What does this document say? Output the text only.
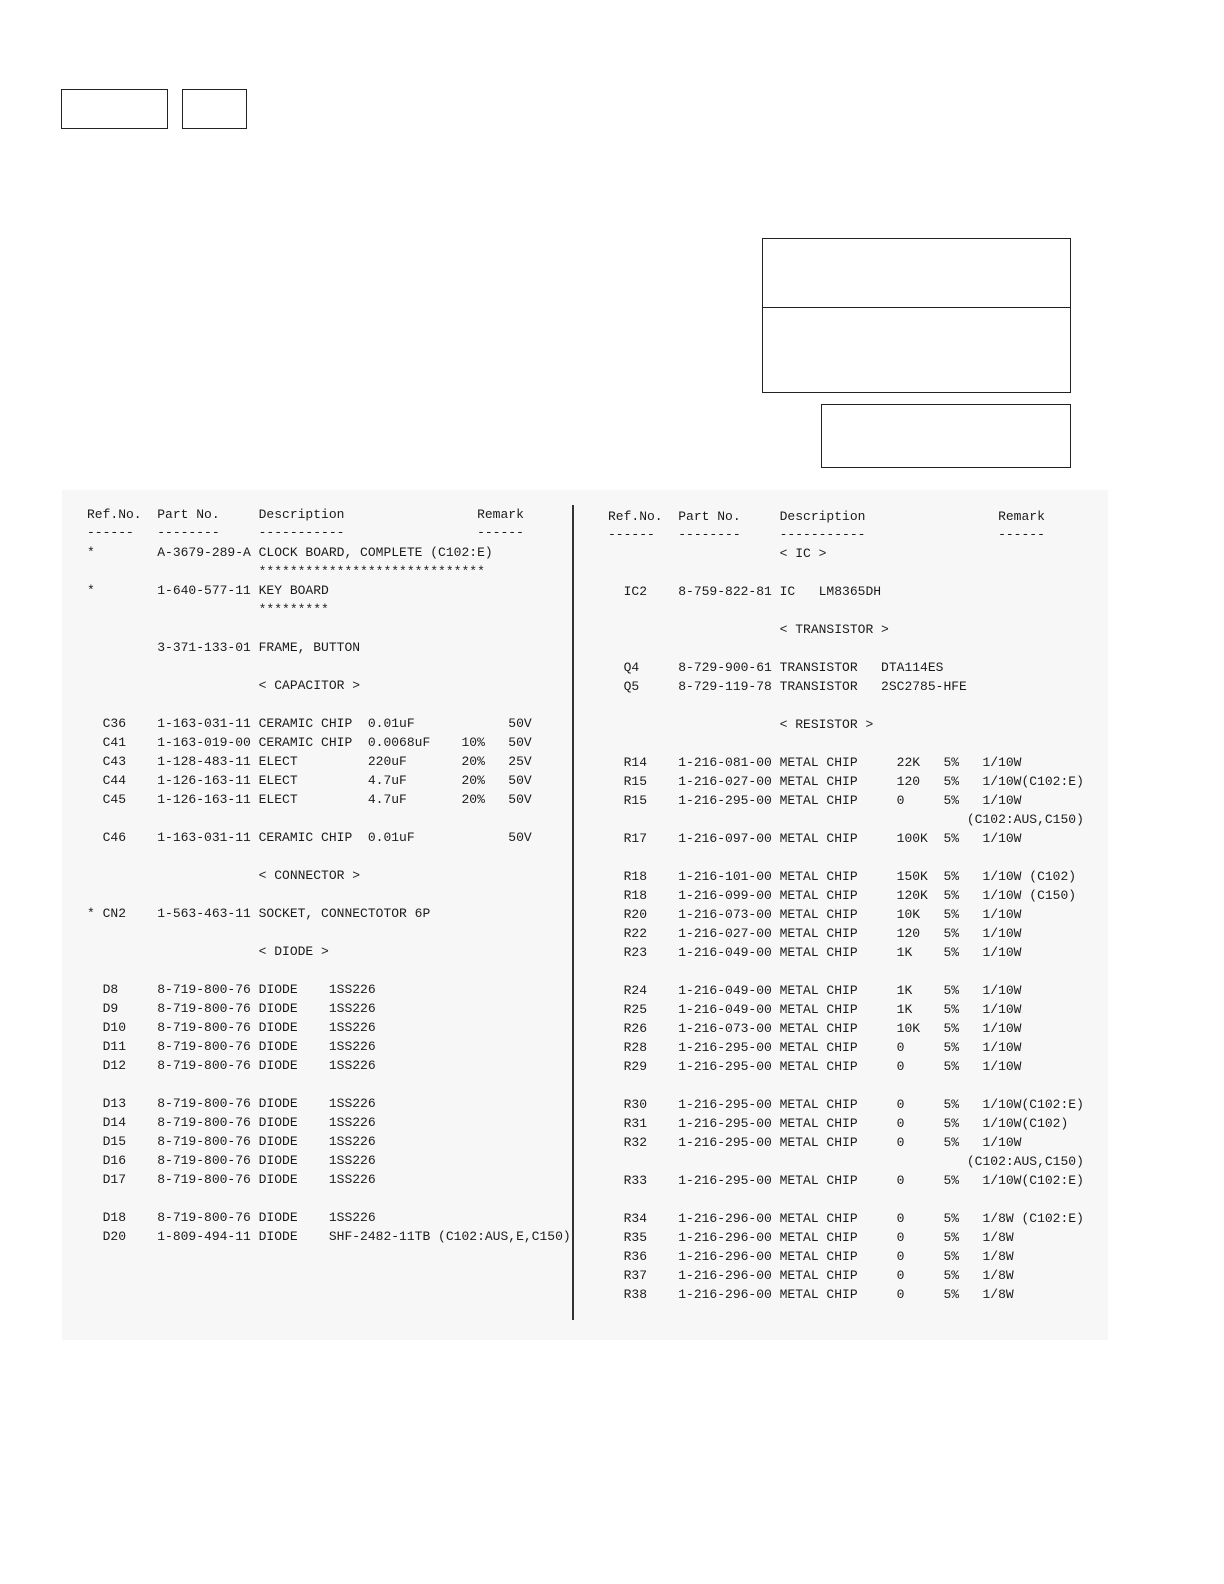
Ref.No.  Part No.     Description                 Remark
------   --------     -----------                 ------
*        A-3679-289-A CLOCK BOARD, COMPLETE (C102:E)
*****************************
*        1-640-577-11 KEY BOARD
*********

3-371-133-01 FRAME, BUTTON

< CAPACITOR >

C36    1-163-031-11 CERAMIC CHIP  0.01uF            50V
C41    1-163-019-00 CERAMIC CHIP  0.0068uF    10%   50V
C43    1-128-483-11 ELECT         220uF       20%   25V
C44    1-126-163-11 ELECT         4.7uF       20%   50V
C45    1-126-163-11 ELECT         4.7uF       20%   50V

C46    1-163-031-11 CERAMIC CHIP  0.01uF            50V

< CONNECTOR >

* CN2    1-563-463-11 SOCKET, CONNECTOTOR 6P

< DIODE >

D8     8-719-800-76 DIODE    1SS226
D9     8-719-800-76 DIODE    1SS226
D10    8-719-800-76 DIODE    1SS226
D11    8-719-800-76 DIODE    1SS226
D12    8-719-800-76 DIODE    1SS226

D13    8-719-800-76 DIODE    1SS226
D14    8-719-800-76 DIODE    1SS226
D15    8-719-800-76 DIODE    1SS226
D16    8-719-800-76 DIODE    1SS226
D17    8-719-800-76 DIODE    1SS226

D18    8-719-800-76 DIODE    1SS226
D20    1-809-494-11 DIODE    SHF-2482-11TB (C102:AUS,E,C150)
Ref.No.  Part No.     Description                 Remark
------   --------     -----------                 ------
< IC >

IC2    8-759-822-81 IC   LM8365DH

< TRANSISTOR >

Q4     8-729-900-61 TRANSISTOR   DTA114ES
Q5     8-729-119-78 TRANSISTOR   2SC2785-HFE

< RESISTOR >

R14    1-216-081-00 METAL CHIP     22K   5%   1/10W
R15    1-216-027-00 METAL CHIP     120   5%   1/10W(C102:E)
R15    1-216-295-00 METAL CHIP     0     5%   1/10W
(C102:AUS,C150)
R17    1-216-097-00 METAL CHIP     100K  5%   1/10W

R18    1-216-101-00 METAL CHIP     150K  5%   1/10W (C102)
R18    1-216-099-00 METAL CHIP     120K  5%   1/10W (C150)
R20    1-216-073-00 METAL CHIP     10K   5%   1/10W
R22    1-216-027-00 METAL CHIP     120   5%   1/10W
R23    1-216-049-00 METAL CHIP     1K    5%   1/10W

R24    1-216-049-00 METAL CHIP     1K    5%   1/10W
R25    1-216-049-00 METAL CHIP     1K    5%   1/10W
R26    1-216-073-00 METAL CHIP     10K   5%   1/10W
R28    1-216-295-00 METAL CHIP     0     5%   1/10W
R29    1-216-295-00 METAL CHIP     0     5%   1/10W

R30    1-216-295-00 METAL CHIP     0     5%   1/10W(C102:E)
R31    1-216-295-00 METAL CHIP     0     5%   1/10W(C102)
R32    1-216-295-00 METAL CHIP     0     5%   1/10W
(C102:AUS,C150)
R33    1-216-295-00 METAL CHIP     0     5%   1/10W(C102:E)

R34    1-216-296-00 METAL CHIP     0     5%   1/8W (C102:E)
R35    1-216-296-00 METAL CHIP     0     5%   1/8W
R36    1-216-296-00 METAL CHIP     0     5%   1/8W
R37    1-216-296-00 METAL CHIP     0     5%   1/8W
R38    1-216-296-00 METAL CHIP     0     5%   1/8W
